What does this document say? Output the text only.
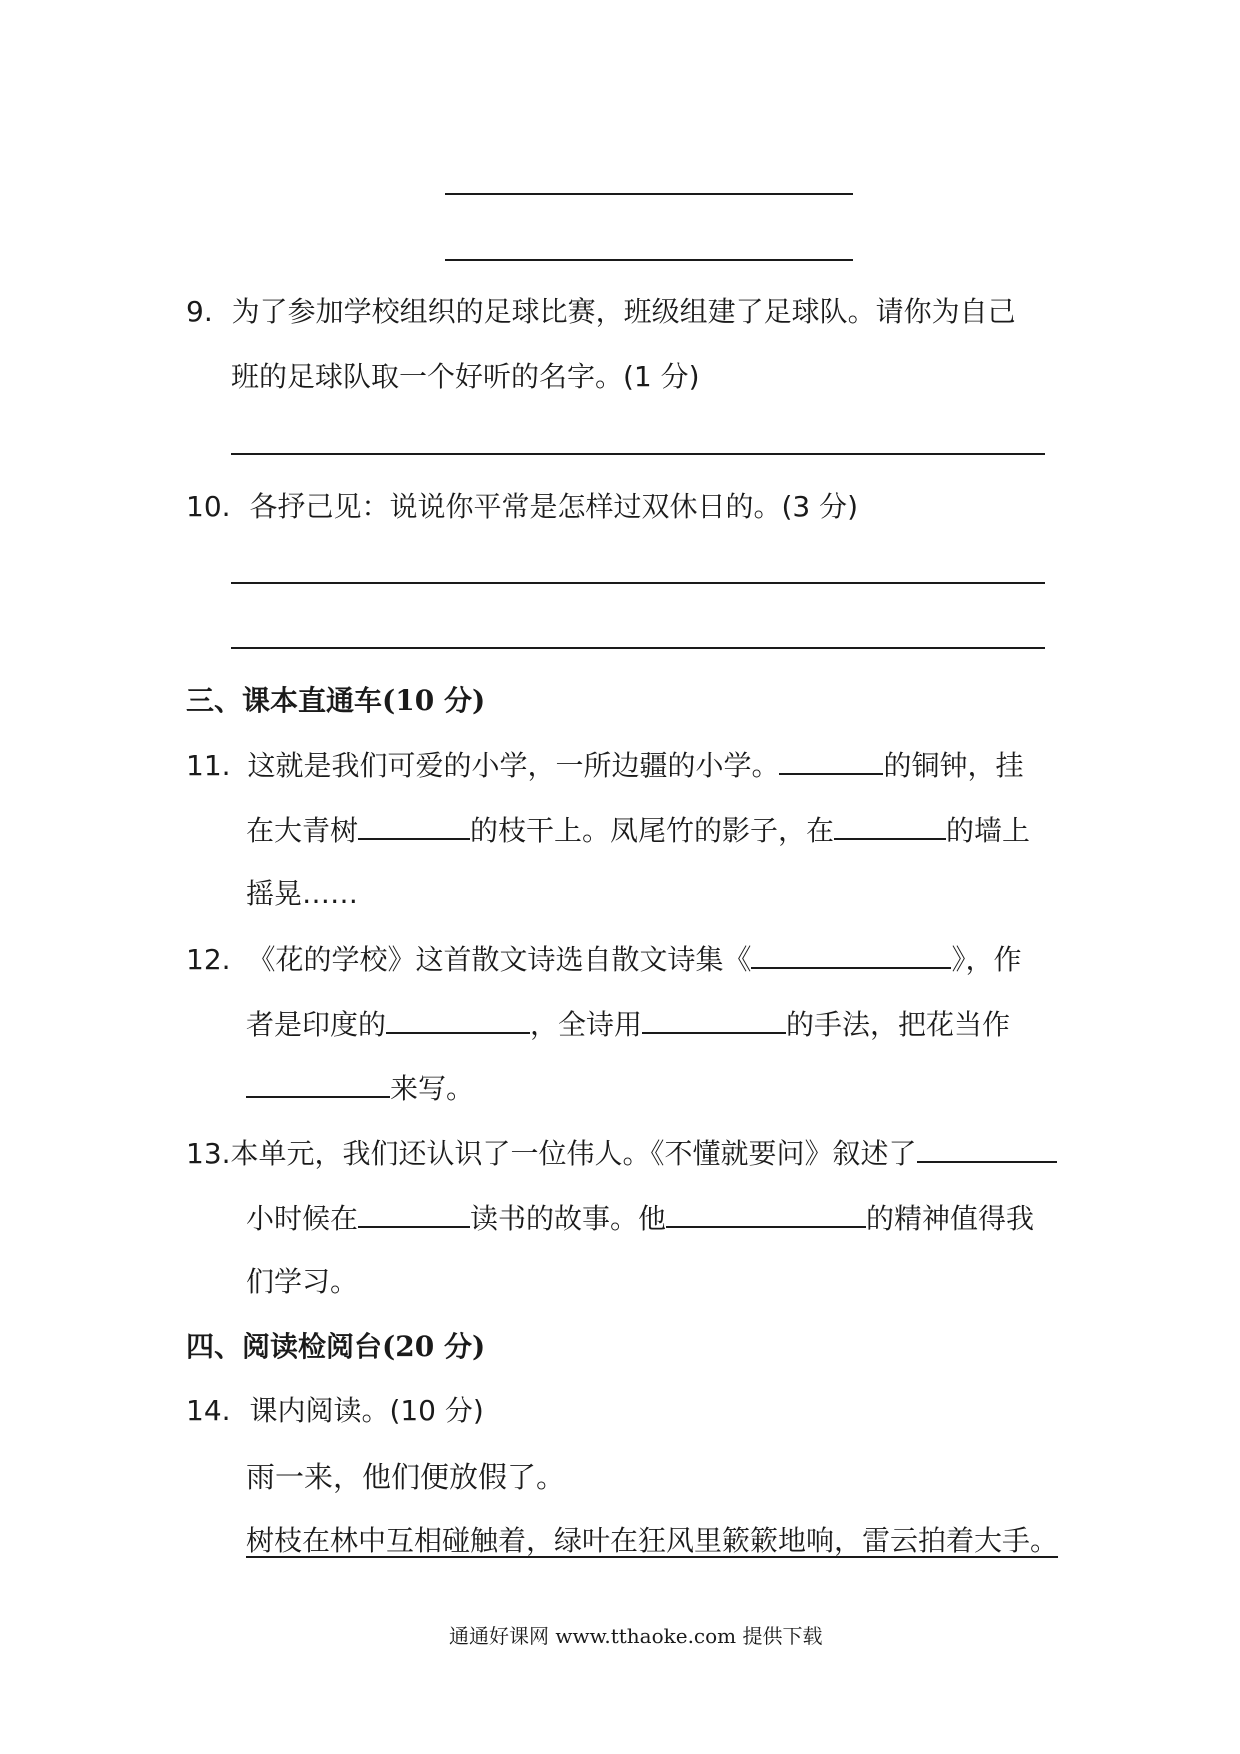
9. 为了参加学校组织的足球比赛，班级组建了足球队。请你为自己
班的足球队取一个好听的名字。(1 分)
10. 各抒己见：说说你平常是怎样过双休日的。(3 分)
三、课本直通车(10 分)
11. 这就是我们可爱的小学，一所边疆的小学。	的铜钟，挂
在大青树	的枝干上。凤尾竹的影子，在	的墙上
摇晃……
12. 《花的学校》这首散文诗选自散文诗集《	》，作
者是印度的	，全诗用	的手法，把花当作
来写。
13.本单元，我们还认识了一位伟人。《不懂就要问》叙述了
小时候在	读书的故事。他	的精神值得我
们学习。
四、阅读检阅台(20 分)
14. 课内阅读。(10 分)
雨一来，他们便放假了。
树枝在林中互相碰触着，绿叶在狂风里簌簌地响，雷云拍着大手。
通通好课网 www.tthaoke.com 提供下载
